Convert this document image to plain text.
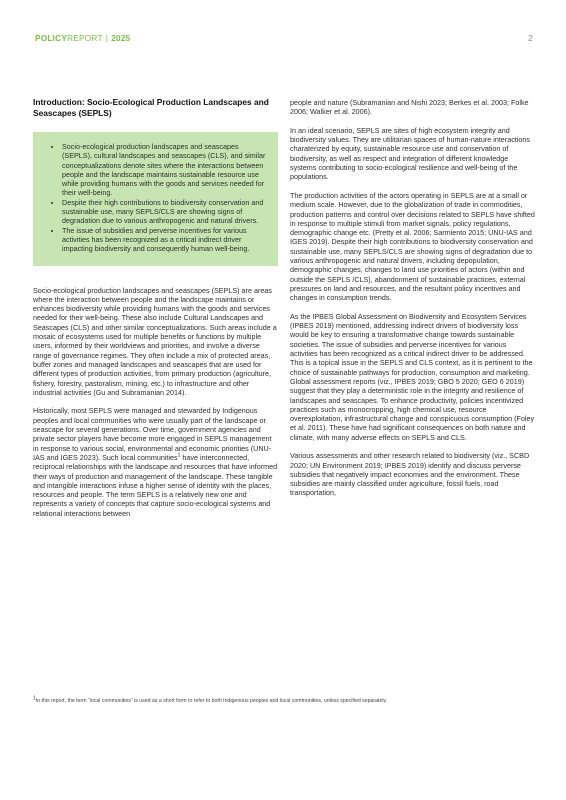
POLICYREPORT | 2025	2
Introduction: Socio-Ecological Production Landscapes and Seascapes (SEPLS)
• Socio-ecological production landscapes and seascapes (SEPLS), cultural landscapes and seascapes (CLS), and similar conceptualizations denote sites where the interactions between people and the landscape maintains sustainable resource use while providing humans with the goods and services needed for their well-being.
• Despite their high contributions to biodiversity conservation and sustainable use, many SEPLS/CLS are showing signs of degradation due to various anthropogenic and natural drivers.
• The issue of subsidies and perverse incentives for various activities has been recognized as a critical indirect driver impacting biodiversity and consequently human well-being.

Socio-ecological production landscapes and seascapes (SEPLS) are areas where the interaction between people and the landscape maintains or enhances biodiversity while providing humans with the goods and services needed for their well-being. These also include Cultural Landscapes and Seascapes (CLS) and other similar conceptualizations. Such areas include a mosaic of ecosystems used for multiple benefits or functions by multiple users, informed by their worldviews and priorities, and involve a diverse range of governance regimes. They often include a mix of protected areas, buffer zones and managed landscapes and seascapes that are used for different types of production activities, from primary production (agriculture, fishery, forestry, pastoralism, mining, etc.) to infrastructure and other industrial activities (Gu and Subramanian 2014).

Historically, most SEPLS were managed and stewarded by Indigenous peoples and local communities who were usually part of the landscape or seascape for several generations. Over time, government agencies and private sector players have become more engaged in SEPLS management in response to various social, environmental and economic priorities (UNU-IAS and IGES 2023). Such local communities$^1$ have interconnected, reciprocal relationships with the landscape and resources that have informed their ways of production and management of the landscape. These tangible and intangible interactions infuse a higher sense of identity with the places, resources and people. The term SEPLS is a relatively new one and represents a variety of concepts that capture socio-ecological systems and relational interactions between

people and nature (Subramanian and Nishi 2023; Berkes et al. 2003; Folke 2006; Walker et al. 2006).

In an ideal scenario, SEPLS are sites of high ecosystem integrity and biodiversity values. They are utilitarian spaces of human-nature interactions charaterized by equity, sustainable resource use and conservation of biodiversity, as well as respect and integration of different knowledge systems contributing to socio-ecological resilience and well-being of the populations.

The production activities of the actors operating in SEPLS are at a small or medium scale. However, due to the globalization of trade in commodities, production patterns and control over decisions related to SEPLS have shifted in response to multiple stimuli from market signals, policy regulations, demographic change etc. (Pretty et al. 2006; Sarmiento 2015; UNU-IAS and IGES 2019). Despite their high contributions to biodiversity conservation and sustainable use, many SEPLS/CLS are showing signs of degradation due to various anthropogenic and natural drivers, including depopulation, demographic changes, changes to land use priorities of actors (within and outside the SEPLS /CLS), abandonment of sustainable practices, external pressures on land and resources, and the resultant policy incentives and changes in consumption trends.

As the IPBES Global Assessment on Biodiversity and Ecosystem Services (IPBES 2019) mentioned, addressing indirect drivers of biodiversity loss would be key to ensuring a transformative change towards sustainable societies. The issue of subsidies and perverse incentives for various activities has been recognized as a critical indirect driver to be addressed. This is a topical issue in the SEPLS and CLS context, as it is pertinent to the choice of sustainable pathways for production, consumption and marketing. Global assessment reports (viz., IPBES 2019; GBO 5 2020; GEO 6 2019) suggest that they play a deterministic role in the integrity and resilience of landscapes and seascapes. To enhance productivity, policies incentivized practices such as monocropping, high chemical use, resource overexploitation, infrastructural change and conspicuous consumption (Foley et al. 2011). These have had significant consequences on both nature and climate, with many adverse effects on SEPLS and CLS.

Various assessments and other research related to biodiversity (viz., SCBD 2020; UN Environment 2019; IPBES 2019) identify and discuss perverse subsidies that negatively impact economies and the environment. These subsidies are mainly classified under agriculture, fossil fuels, road transportation,

$^1$In this report, the term “local communities” is used as a short form to refer to both Indigenous peoples and local communities, unless specified separately.
